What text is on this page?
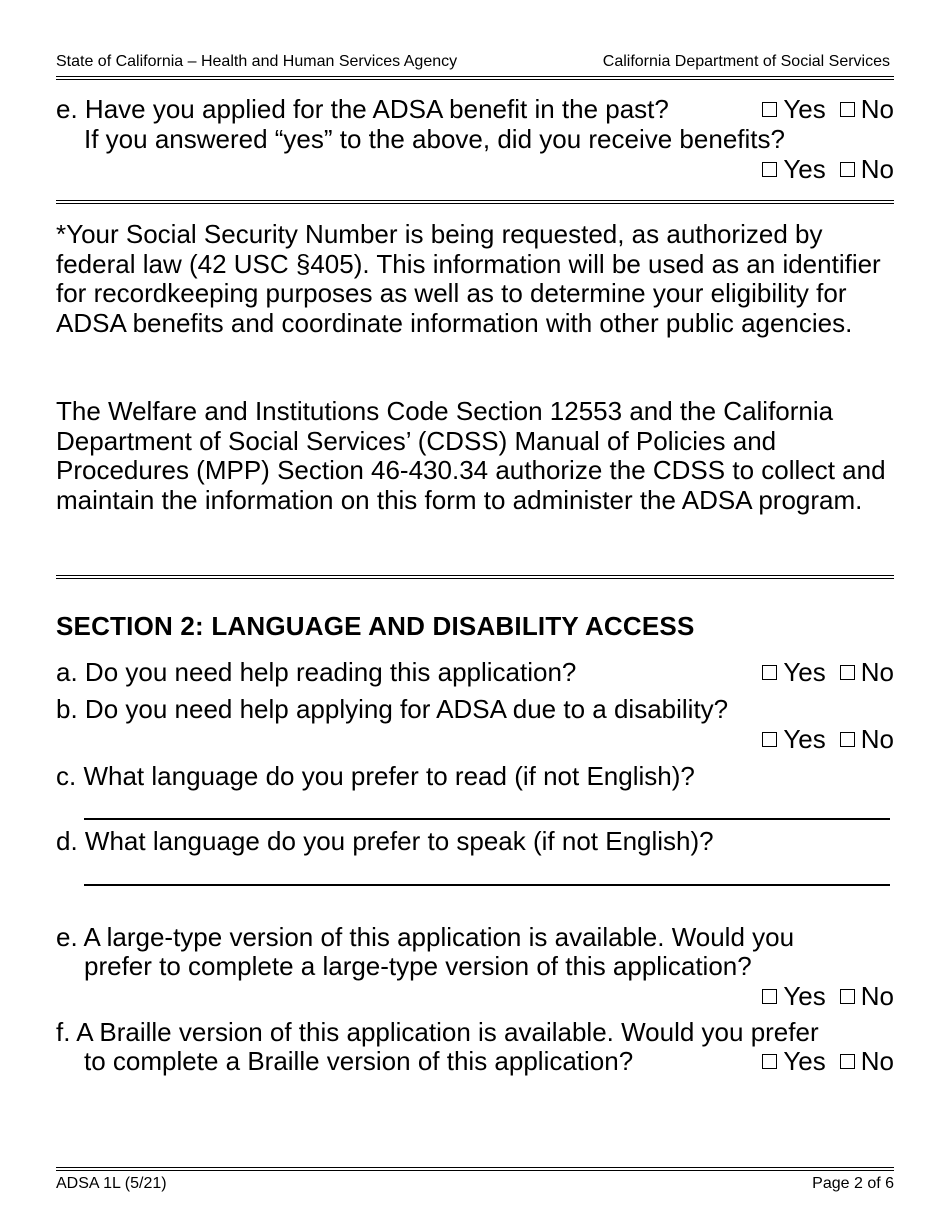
State of California – Health and Human Services Agency	California Department of Social Services
e. Have you applied for the ADSA benefit in the past?	Yes No
If you answered “yes” to the above, did you receive benefits?
Yes No

*Your Social Security Number is being requested, as authorized by federal law (42 USC §405). This information will be used as an identifier for recordkeeping purposes as well as to determine your eligibility for ADSA benefits and coordinate information with other public agencies.

The Welfare and Institutions Code Section 12553 and the California Department of Social Services’ (CDSS) Manual of Policies and Procedures (MPP) Section 46-430.34 authorize the CDSS to collect and maintain the information on this form to administer the ADSA program.

SECTION 2: LANGUAGE AND DISABILITY ACCESS
a. Do you need help reading this application?	Yes No
b. Do you need help applying for ADSA due to a disability?
Yes No
c. What language do you prefer to read (if not English)?
d. What language do you prefer to speak (if not English)?
e. A large-type version of this application is available. Would you
prefer to complete a large-type version of this application?
Yes No
f. A Braille version of this application is available. Would you prefer
to complete a Braille version of this application?	Yes No
ADSA 1L (5/21)	Page 2 of 6
